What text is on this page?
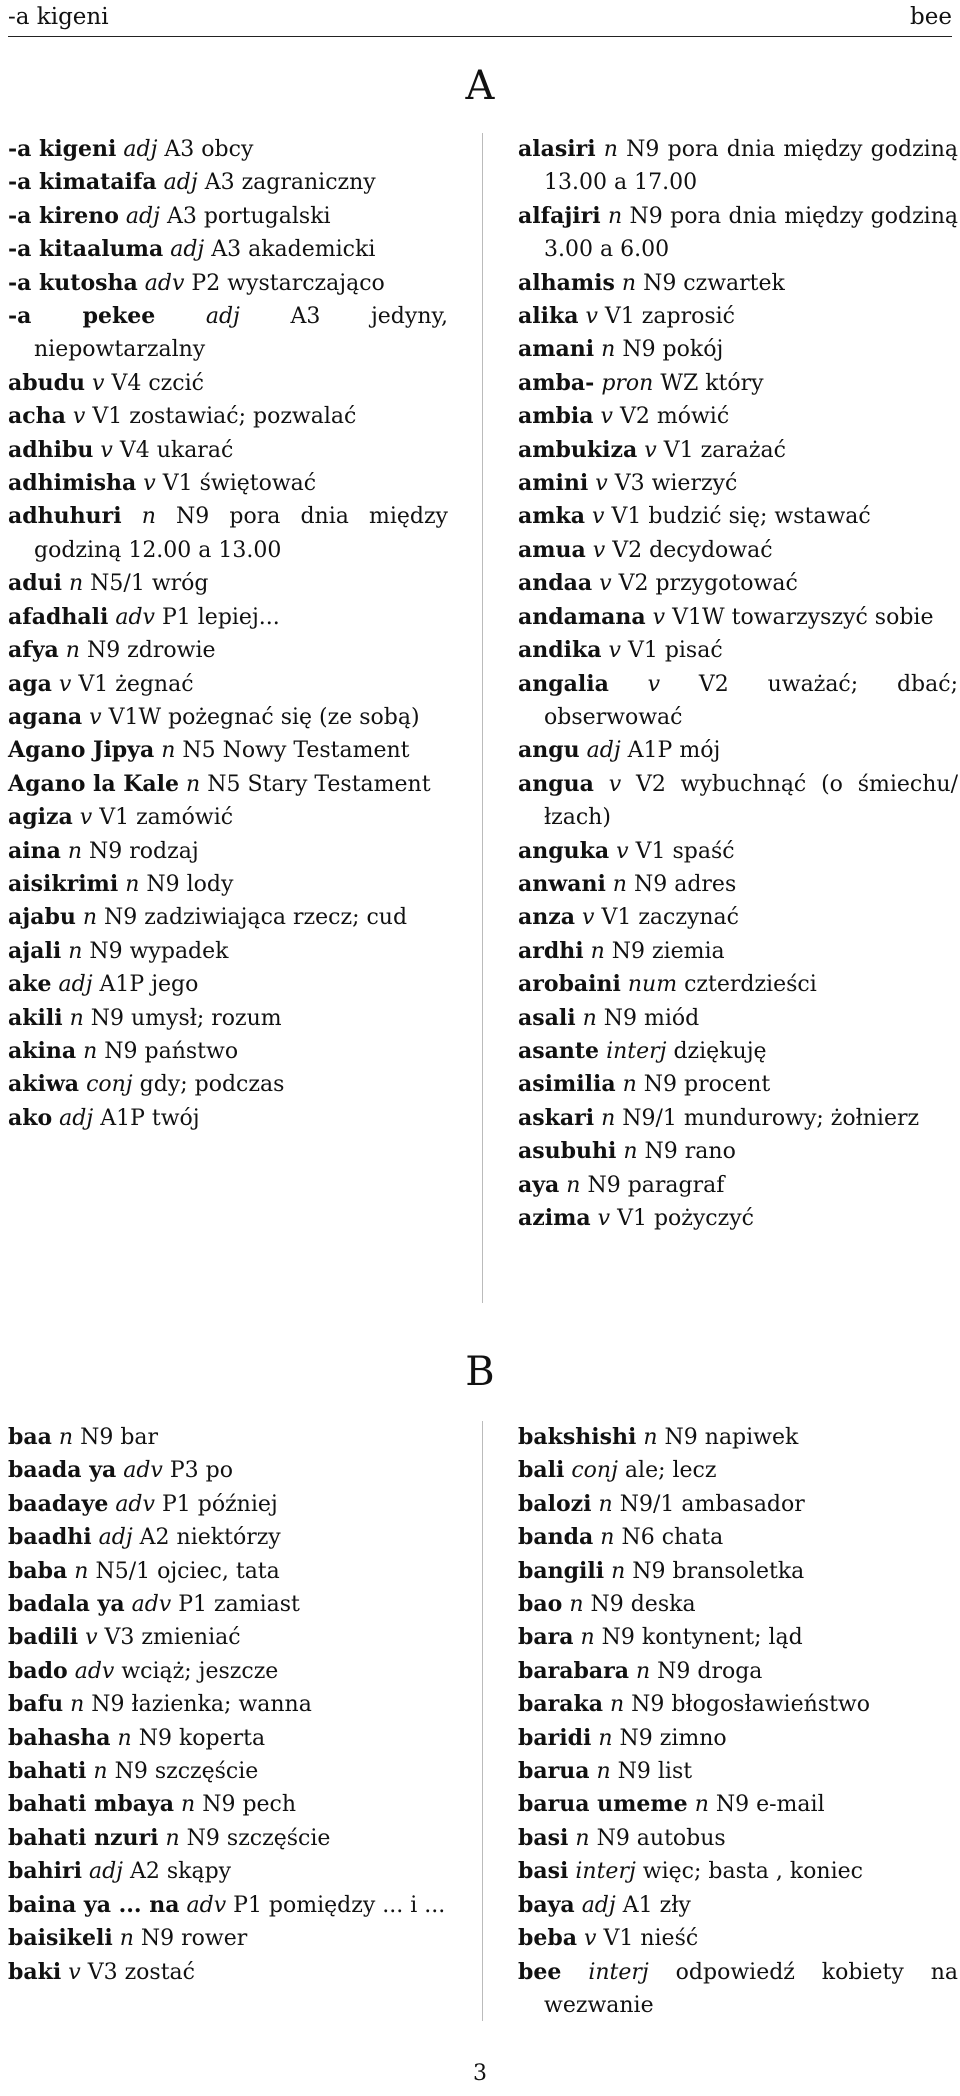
-a kigeni	bee
A
-a kigeni adj A3 obcy
-a kimataifa adj A3 zagraniczny
-a kireno adj A3 portugalski
-a kitaaluma adj A3 akademicki
-a kutosha adv P2 wystarczająco
-a pekee adj A3 jedyny, niepowtarzalny
abudu v V4 czcić
acha v V1 zostawiać; pozwalać
adhibu v V4 ukarać
adhimisha v V1 świętować
adhuhuri n N9 pora dnia między godziną 12.00 a 13.00
adui n N5/1 wróg
afadhali adv P1 lepiej...
afya n N9 zdrowie
aga v V1 żegnać
agana v V1W pożegnać się (ze sobą)
Agano Jipya n N5 Nowy Testament
Agano la Kale n N5 Stary Testament
agiza v V1 zamówić
aina n N9 rodzaj
aisikrimi n N9 lody
ajabu n N9 zadziwiająca rzecz; cud
ajali n N9 wypadek
ake adj A1P jego
akili n N9 umysł; rozum
akina n N9 państwo
akiwa conj gdy; podczas
ako adj A1P twój
alasiri n N9 pora dnia między godziną 13.00 a 17.00
alfajiri n N9 pora dnia między godziną 3.00 a 6.00
alhamis n N9 czwartek
alika v V1 zaprosić
amani n N9 pokój
amba- pron WZ który
ambia v V2 mówić
ambukiza v V1 zarażać
amini v V3 wierzyć
amka v V1 budzić się; wstawać
amua v V2 decydować
andaa v V2 przygotować
andamana v V1W towarzyszyć sobie
andika v V1 pisać
angalia v V2 uważać; dbać; obserwować
angu adj A1P mój
angua v V2 wybuchnąć (o śmiechu/łzach)
anguka v V1 spaść
anwani n N9 adres
anza v V1 zaczynać
ardhi n N9 ziemia
arobaini num czterdzieści
asali n N9 miód
asante interj dziękuję
asimilia n N9 procent
askari n N9/1 mundurowy; żołnierz
asubuhi n N9 rano
aya n N9 paragraf
azima v V1 pożyczyć
B
baa n N9 bar
baada ya adv P3 po
baadaye adv P1 później
baadhi adj A2 niektórzy
baba n N5/1 ojciec, tata
badala ya adv P1 zamiast
badili v V3 zmieniać
bado adv wciąż; jeszcze
bafu n N9 łazienka; wanna
bahasha n N9 koperta
bahati n N9 szczęście
bahati mbaya n N9 pech
bahati nzuri n N9 szczęście
bahiri adj A2 skąpy
baina ya ... na adv P1 pomiędzy ... i ...
baisikeli n N9 rower
baki v V3 zostać
bakshishi n N9 napiwek
bali conj ale; lecz
balozi n N9/1 ambasador
banda n N6 chata
bangili n N9 bransoletka
bao n N9 deska
bara n N9 kontynent; ląd
barabara n N9 droga
baraka n N9 błogosławieństwo
baridi n N9 zimno
barua n N9 list
barua umeme n N9 e-mail
basi n N9 autobus
basi interj więc; basta , koniec
baya adj A1 zły
beba v V1 nieść
bee interj odpowiedź kobiety na wezwanie
3
